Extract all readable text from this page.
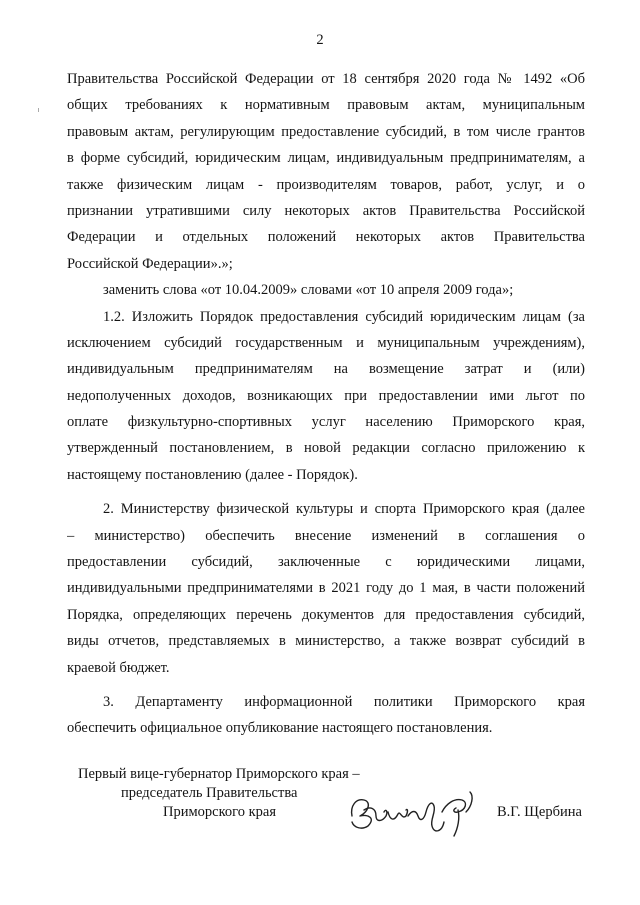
2
Правительства Российской Федерации от 18 сентября 2020 года № 1492 «Об
общих требованиях к нормативным правовым актам, муниципальным
правовым актам, регулирующим предоставление субсидий, в том числе грантов
в форме субсидий, юридическим лицам, индивидуальным предпринимателям, а
также физическим лицам - производителям товаров, работ, услуг, и о
признании утратившими силу некоторых актов Правительства Российской
Федерации и отдельных положений некоторых актов Правительства
Российской Федерации».»;
заменить слова «от 10.04.2009» словами «от 10 апреля 2009 года»;
1.2. Изложить Порядок предоставления субсидий юридическим лицам (за
исключением субсидий государственным и муниципальным учреждениям),
индивидуальным предпринимателям на возмещение затрат и (или)
недополученных доходов, возникающих при предоставлении ими льгот по
оплате физкультурно-спортивных услуг населению Приморского края,
утвержденный постановлением, в новой редакции согласно приложению к
настоящему постановлению (далее - Порядок).
2. Министерству физической культуры и спорта Приморского края (далее
– министерство) обеспечить внесение изменений в соглашения о
предоставлении субсидий, заключенные с юридическими лицами,
индивидуальными предпринимателями в 2021 году до 1 мая, в части положений
Порядка, определяющих перечень документов для предоставления субсидий,
виды отчетов, представляемых в министерство, а также возврат субсидий в
краевой бюджет.
3. Департаменту информационной политики Приморского края
обеспечить официальное опубликование настоящего постановления.
Первый вице-губернатор Приморского края –
председатель Правительства
Приморского края	В.Г. Щербина
